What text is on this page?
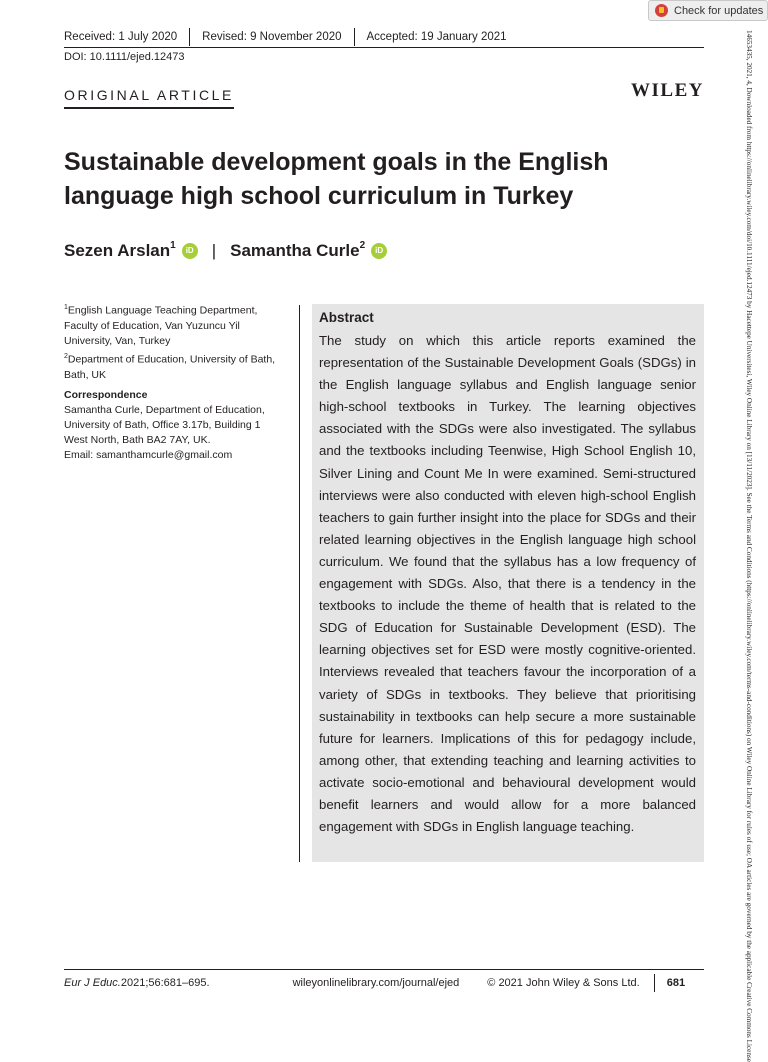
Check for updates
Received: 1 July 2020 Revised: 9 November 2020 Accepted: 19 January 2021
DOI: 10.1111/ejed.12473
ORIGINAL ARTICLE	WILEY
Sustainable development goals in the English language high school curriculum in Turkey
Sezen Arslan$^1$	iD | Samantha Curle$^2$	iD
$^1$English Language Teaching Department, Faculty of Education, Van Yuzuncu Yil University, Van, Turkey
$^2$Department of Education, University of Bath, Bath, UK
Correspondence
Samantha Curle, Department of Education, University of Bath, Office 3.17b, Building 1 West North, Bath BA2 7AY, UK.
Email: samanthamcurle@gmail.com
Abstract
The study on which this article reports examined the representation of the Sustainable Development Goals (SDGs) in the English language syllabus and English language senior high-school textbooks in Turkey. The learning objectives associated with the SDGs were also investigated. The syllabus and the textbooks including Teenwise, High School English 10, Silver Lining and Count Me In were examined. Semi-structured interviews were also conducted with eleven high-school English teachers to gain further insight into the place for SDGs and their related learning objectives in the English language high school curriculum. We found that the syllabus has a low frequency of engagement with SDGs. Also, that there is a tendency in the textbooks to include the theme of health that is related to the SDG of Education for Sustainable Development (ESD). The learning objectives set for ESD were mostly cognitive-oriented. Interviews revealed that teachers favour the incorporation of a variety of SDGs in textbooks. They believe that prioritising sustainability in textbooks can help secure a more sustainable future for learners. Implications of this for pedagogy include, among other, that extending teaching and learning activities to activate socio-emotional and behavioural development would benefit learners and would allow for a more balanced engagement with SDGs in English language teaching.	14653435, 2021, 4, Downloaded from https://onlinelibrary.wiley.com/doi/10.1111/ejed.12473 by Hacettepe Universitesi, Wiley Online Library on [13/11/2023]. See the Terms and Conditions (https://onlinelibrary.wiley.com/terms-and-conditions) on Wiley Online Library for rules of use; OA articles are governed by the applicable Creative Commons License
Eur J Educ. 2021;56:681–695.	wileyonlinelibrary.com/journal/ejed	© 2021 John Wiley & Sons Ltd. 681
